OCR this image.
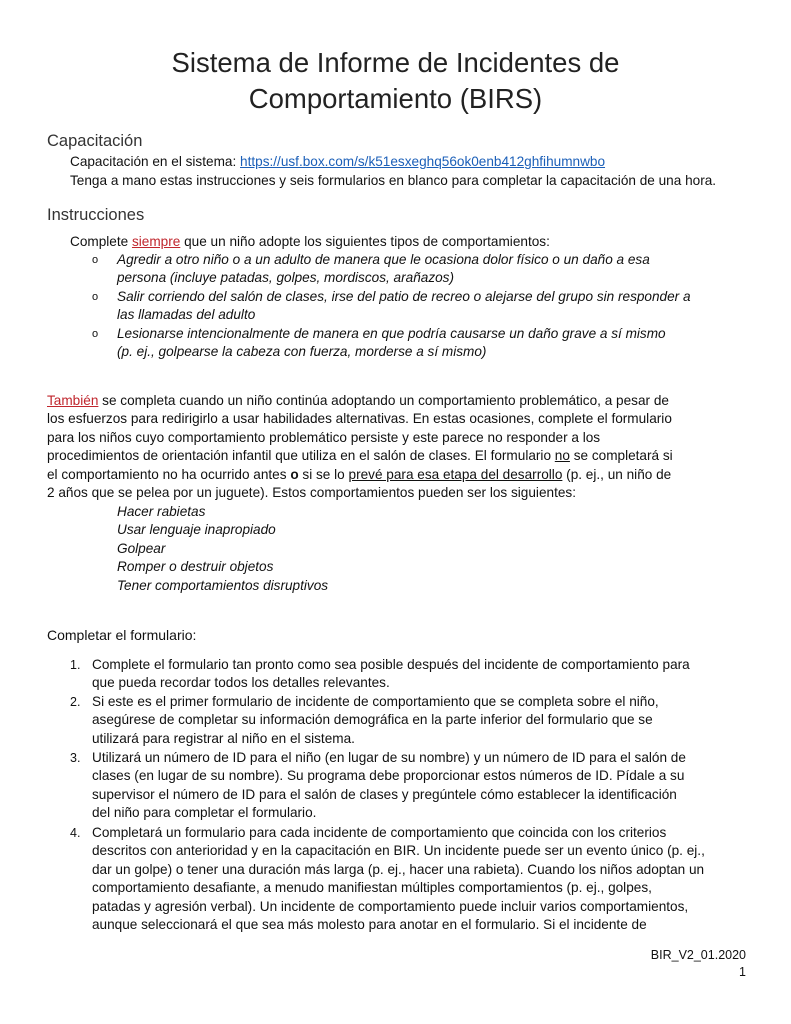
Sistema de Informe de Incidentes de
Comportamiento (BIRS)
Capacitación
Capacitación en el sistema: https://usf.box.com/s/k51esxeghq56ok0enb412ghfihumnwbo
Tenga a mano estas instrucciones y seis formularios en blanco para completar la capacitación de una hora.
Instrucciones
Complete siempre que un niño adopte los siguientes tipos de comportamientos:
o Agredir a otro niño o a un adulto de manera que le ocasiona dolor físico o un daño a esa
persona (incluye patadas, golpes, mordiscos, arañazos)
o Salir corriendo del salón de clases, irse del patio de recreo o alejarse del grupo sin responder a
las llamadas del adulto
o Lesionarse intencionalmente de manera en que podría causarse un daño grave a sí mismo
(p. ej., golpearse la cabeza con fuerza, morderse a sí mismo)
También se completa cuando un niño continúa adoptando un comportamiento problemático, a pesar de
los esfuerzos para redirigirlo a usar habilidades alternativas. En estas ocasiones, complete el formulario
para los niños cuyo comportamiento problemático persiste y este parece no responder a los
procedimientos de orientación infantil que utiliza en el salón de clases. El formulario no se completará si
el comportamiento no ha ocurrido antes o si se lo prevé para esa etapa del desarrollo (p. ej., un niño de
2 años que se pelea por un juguete). Estos comportamientos pueden ser los siguientes:
Hacer rabietas
Usar lenguaje inapropiado
Golpear
Romper o destruir objetos
Tener comportamientos disruptivos
Completar el formulario:
1. Complete el formulario tan pronto como sea posible después del incidente de comportamiento para
que pueda recordar todos los detalles relevantes.
2. Si este es el primer formulario de incidente de comportamiento que se completa sobre el niño,
asegúrese de completar su información demográfica en la parte inferior del formulario que se
utilizará para registrar al niño en el sistema.
3. Utilizará un número de ID para el niño (en lugar de su nombre) y un número de ID para el salón de
clases (en lugar de su nombre). Su programa debe proporcionar estos números de ID. Pídale a su
supervisor el número de ID para el salón de clases y pregúntele cómo establecer la identificación
del niño para completar el formulario.
4. Completará un formulario para cada incidente de comportamiento que coincida con los criterios
descritos con anterioridad y en la capacitación en BIR. Un incidente puede ser un evento único (p. ej.,
dar un golpe) o tener una duración más larga (p. ej., hacer una rabieta). Cuando los niños adoptan un
comportamiento desafiante, a menudo manifiestan múltiples comportamientos (p. ej., golpes,
patadas y agresión verbal). Un incidente de comportamiento puede incluir varios comportamientos,
aunque seleccionará el que sea más molesto para anotar en el formulario. Si el incidente de
BIR_V2_01.2020
1
